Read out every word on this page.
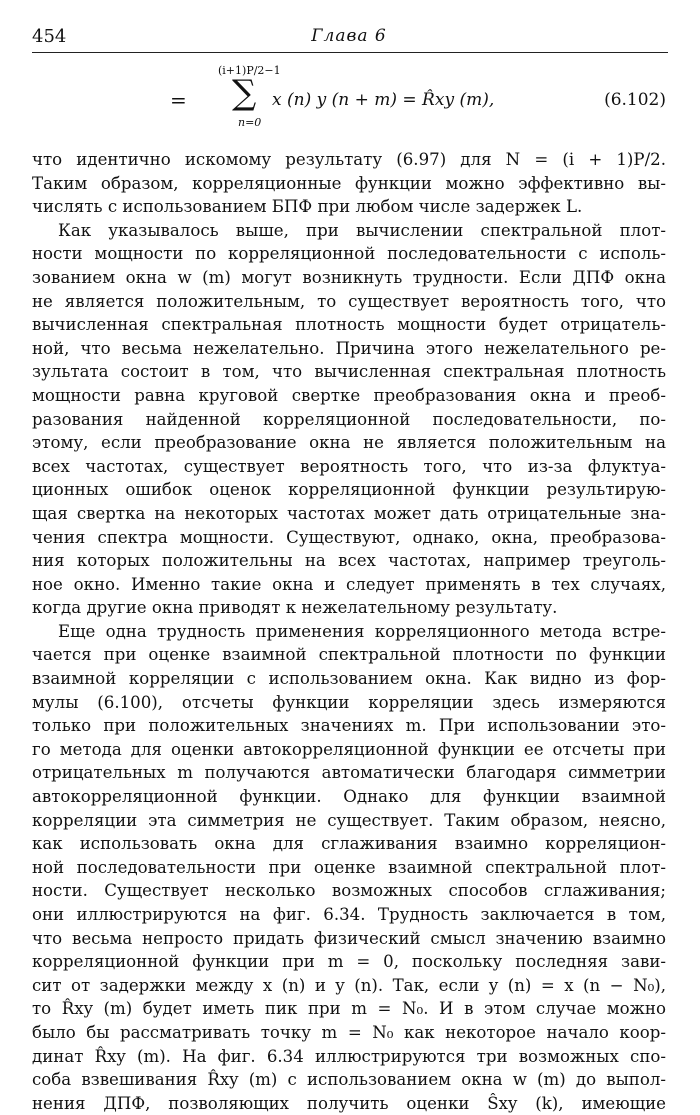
454	Глава 6
=
(i+1)P/2−1
∑
n=0
x (n) y (n + m) = R̂xy (m),	(6.102)

что идентично искомому результату (6.97) для N = (i + 1)P/2.

Таким образом, корреляционные функции можно эффективно вы-

числять с использованием БПФ при любом числе задержек L.

Как указывалось выше, при вычислении спектральной плот-

ности мощности по корреляционной последовательности с исполь-

зованием окна w (m) могут возникнуть трудности. Если ДПФ окна

не является положительным, то существует вероятность того, что

вычисленная спектральная плотность мощности будет отрицатель-

ной, что весьма нежелательно. Причина этого нежелательного ре-

зультата состоит в том, что вычисленная спектральная плотность

мощности равна круговой свертке преобразования окна и преоб-

разования найденной корреляционной последовательности, по-

этому, если преобразование окна не является положительным на

всех частотах, существует вероятность того, что из-за флуктуа-

ционных ошибок оценок корреляционной функции результирую-

щая свертка на некоторых частотах может дать отрицательные зна-

чения спектра мощности. Существуют, однако, окна, преобразова-

ния которых положительны на всех частотах, например треуголь-

ное окно. Именно такие окна и следует применять в тех случаях,

когда другие окна приводят к нежелательному результату.

Еще одна трудность применения корреляционного метода встре-

чается при оценке взаимной спектральной плотности по функции

взаимной корреляции с использованием окна. Как видно из фор-

мулы (6.100), отсчеты функции корреляции здесь измеряются

только при положительных значениях m. При использовании это-

го метода для оценки автокорреляционной функции ее отсчеты при

отрицательных m получаются автоматически благодаря симметрии

автокорреляционной функции. Однако для функции взаимной

корреляции эта симметрия не существует. Таким образом, неясно,

как использовать окна для сглаживания взаимно корреляцион-

ной последовательности при оценке взаимной спектральной плот-

ности. Существует несколько возможных способов сглаживания;

они иллюстрируются на фиг. 6.34. Трудность заключается в том,

что весьма непросто придать физический смысл значению взаимно

корреляционной функции при m = 0, поскольку последняя зави-

сит от задержки между x (n) и y (n). Так, если y (n) = x (n − N₀),

то R̂xy (m) будет иметь пик при m = N₀. И в этом случае можно

было бы рассматривать точку m = N₀ как некоторое начало коор-

динат R̂xy (m). На фиг. 6.34 иллюстрируются три возможных спо-

соба взвешивания R̂xy (m) с использованием окна w (m) до выпол-

нения ДПФ, позволяющих получить оценки Ŝxy (k), имеющие
